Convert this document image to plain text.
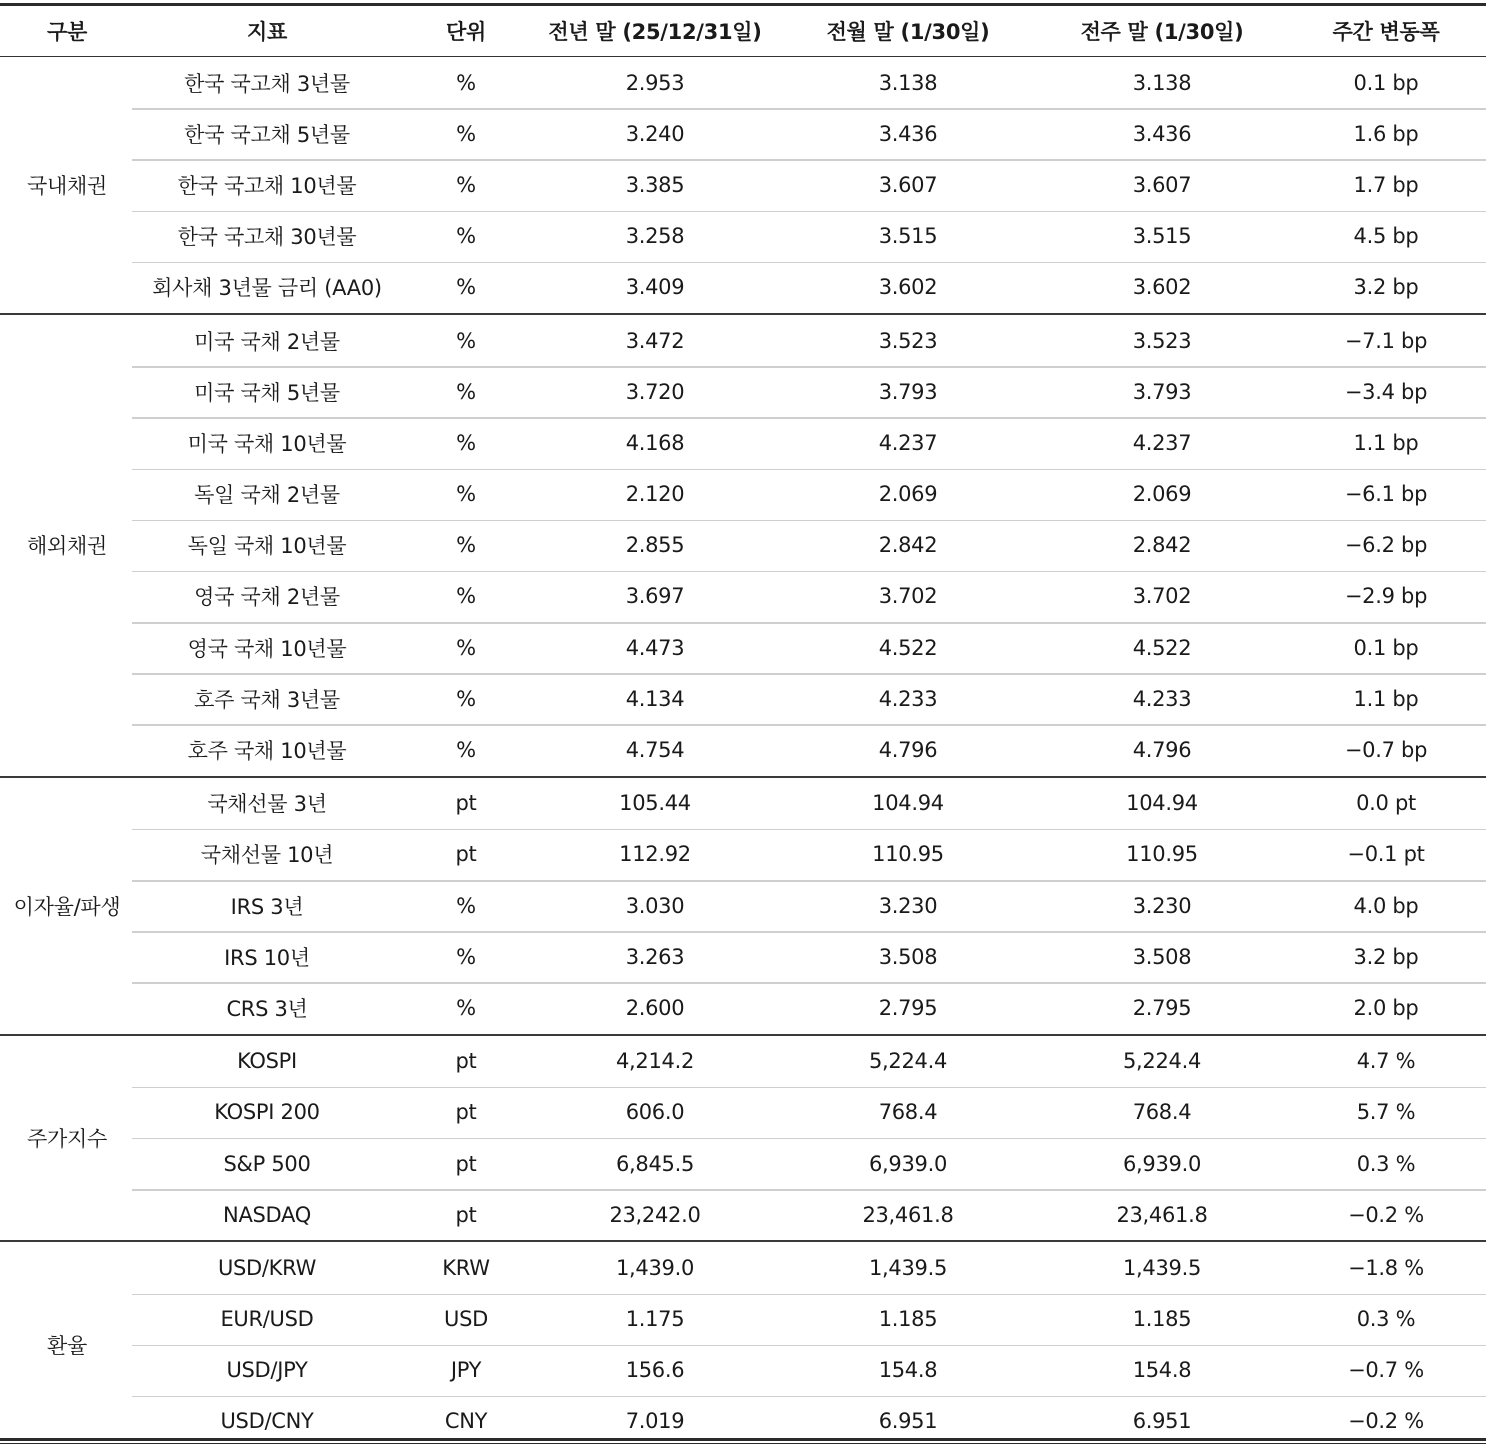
구분	지표	단위	전년 말 (25/12/31일)	전월 말 (1/30일)	전주 말 (1/30일)	주간 변동폭
국내채권
한국 국고채 3년물	%	2.953	3.138	3.138	0.1 bp
한국 국고채 5년물	%	3.240	3.436	3.436	1.6 bp
한국 국고채 10년물	%	3.385	3.607	3.607	1.7 bp
한국 국고채 30년물	%	3.258	3.515	3.515	4.5 bp
회사채 3년물 금리 (AA0)	%	3.409	3.602	3.602	3.2 bp
해외채권
미국 국채 2년물	%	3.472	3.523	3.523	−7.1 bp
미국 국채 5년물	%	3.720	3.793	3.793	−3.4 bp
미국 국채 10년물	%	4.168	4.237	4.237	1.1 bp
독일 국채 2년물	%	2.120	2.069	2.069	−6.1 bp
독일 국채 10년물	%	2.855	2.842	2.842	−6.2 bp
영국 국채 2년물	%	3.697	3.702	3.702	−2.9 bp
영국 국채 10년물	%	4.473	4.522	4.522	0.1 bp
호주 국채 3년물	%	4.134	4.233	4.233	1.1 bp
호주 국채 10년물	%	4.754	4.796	4.796	−0.7 bp
이자율/파생
국채선물 3년	pt	105.44	104.94	104.94	0.0 pt
국채선물 10년	pt	112.92	110.95	110.95	−0.1 pt
IRS 3년	%	3.030	3.230	3.230	4.0 bp
IRS 10년	%	3.263	3.508	3.508	3.2 bp
CRS 3년	%	2.600	2.795	2.795	2.0 bp
주가지수
KOSPI	pt	4,214.2	5,224.4	5,224.4	4.7 %
KOSPI 200	pt	606.0	768.4	768.4	5.7 %
S&P 500	pt	6,845.5	6,939.0	6,939.0	0.3 %
NASDAQ	pt	23,242.0	23,461.8	23,461.8	−0.2 %
환율
USD/KRW	KRW	1,439.0	1,439.5	1,439.5	−1.8 %
EUR/USD	USD	1.175	1.185	1.185	0.3 %
USD/JPY	JPY	156.6	154.8	154.8	−0.7 %
USD/CNY	CNY	7.019	6.951	6.951	−0.2 %
